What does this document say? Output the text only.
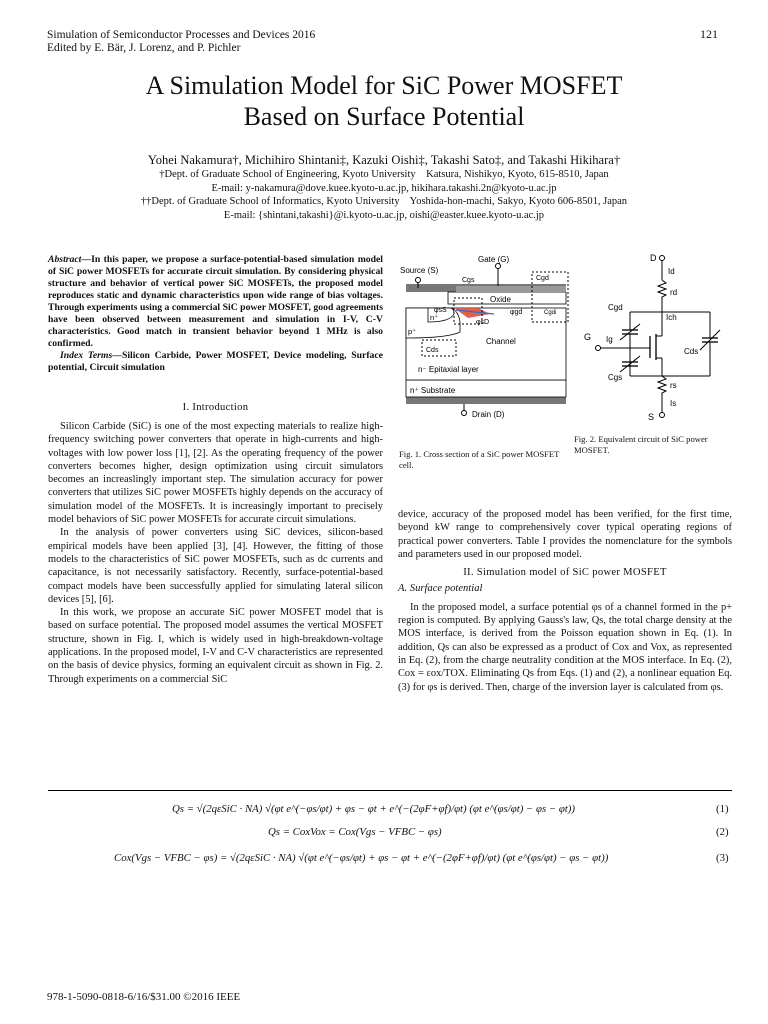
Simulation of Semiconductor Processes and Devices 2016
Edited by E. Bär, J. Lorenz, and P. Pichler
121
A Simulation Model for SiC Power MOSFET
Based on Surface Potential
Yohei Nakamura†, Michihiro Shintani‡, Kazuki Oishi‡, Takashi Sato‡, and Takashi Hikihara†
†Dept. of Graduate School of Engineering, Kyoto University    Katsura, Nishikyo, Kyoto, 615-8510, Japan
E-mail: y-nakamura@dove.kuee.kyoto-u.ac.jp, hikihara.takashi.2n@kyoto-u.ac.jp
††Dept. of Graduate School of Informatics, Kyoto University    Yoshida-hon-machi, Sakyo, Kyoto 606-8501, Japan
E-mail: {shintani,takashi}@i.kyoto-u.ac.jp, oishi@easter.kuee.kyoto-u.ac.jp
Abstract—In this paper, we propose a surface-potential-based simulation model of SiC power MOSFETs for accurate circuit simulation. By considering physical structure and behavior of vertical power SiC MOSFETs, the proposed model reproduces static and dynamic characteristics upon wide range of bias voltages. Through experiments using a commercial SiC power MOSFET, good agreements have been observed between measurement and simulation in I-V, C-V characteristics. Good match in transient behavior beyond 1 MHz is also confirmed.
Index Terms—Silicon Carbide, Power MOSFET, Device modeling, Surface potential, Circuit simulation
I. Introduction

Silicon Carbide (SiC) is one of the most expecting materials to realize high-frequency switching power converters that operate in high-currents and high-voltages with low power loss [1], [2]. As the operating frequency of the power converters becomes higher, design optimization using circuit simulators becomes an increaslingly important step. The simulation accuracy for power converters that utilizes SiC power MOSFETs highly depends on the accuracy of simulation model of the MOSFETs. It is increasingly important to precisely model behaviors of SiC power MOSFETs for accurate circuit simulations.

In the analysis of power converters using SiC devices, silicon-based empirical models have been applied [3], [4]. However, the fitting of those models to the characteristics of SiC power MOSFETs, such as dc currents and capacitance, is not necessarily satisfactory. Recently, surface-potential-based compact models have been successfully applied for simulating lateral silicon devices [5], [6].

In this work, we propose an accurate SiC power MOSFET model that is based on surface potential. The proposed model assumes the vertical MOSFET structure, shown in Fig. I, which is widely used in high-breakdown-voltage applications. In the proposed model, I-V and C-V characteristics are represented on the basis of device physics, forming an equivalent circuit as shown in Fig. 2. Through experiments on a commercial SiC

Source (S)
Gate (G)
Drain (D)
Oxide
Channel
n⁻ Epitaxial layer
n⁺ Substrate
Cgs	Cgd
Cds
Cgdi
p⁺
n⁺
φsS
φsD
φgd
Fig. 1. Cross section of a SiC power MOSFET cell.
D
Id
rd
Cgd
Ich
G Ig
Cds
Cgs
rs
Is
S
Fig. 2. Equivalent circuit of SiC power MOSFET.
device, accuracy of the proposed model has been verified, for the first time, beyond kW range to comprehensively cover typical operating regions of practical power converters. Table I provides the nomenclature for the symbols and parameters used in our proposed model.
II. Simulation model of SiC power MOSFET
A. Surface potential

In the proposed model, a surface potential φs of a channel formed in the p+ region is computed. By applying Gauss's law, Qs, the total charge density at the MOS interface, is derived from the Poisson equation shown in Eq. (1). In addition, Qs can also be expressed as a product of Cox and Vox, as represented in Eq. (2), from the charge neutrality condition at the MOS interface. In Eq. (2), Cox = εox/TOX. Eliminating Qs from Eqs. (1) and (2), a nonlinear equation Eq. (3) for φs is derived. Then, charge of the inversion layer is calculated from φs.

Qs = √(2qεSiC · NA) √(φt e^(−φs/φt) + φs − φt + e^(−(2φF+φf)/φt) (φt e^(φs/φt) − φs − φt))	(1)
Qs = CoxVox = Cox(Vgs − VFBC − φs)	(2)
Cox(Vgs − VFBC − φs) = √(2qεSiC · NA) √(φt e^(−φs/φt) + φs − φt + e^(−(2φF+φf)/φt) (φt e^(φs/φt) − φs − φt))	(3)
978-1-5090-0818-6/16/$31.00 ©2016 IEEE
